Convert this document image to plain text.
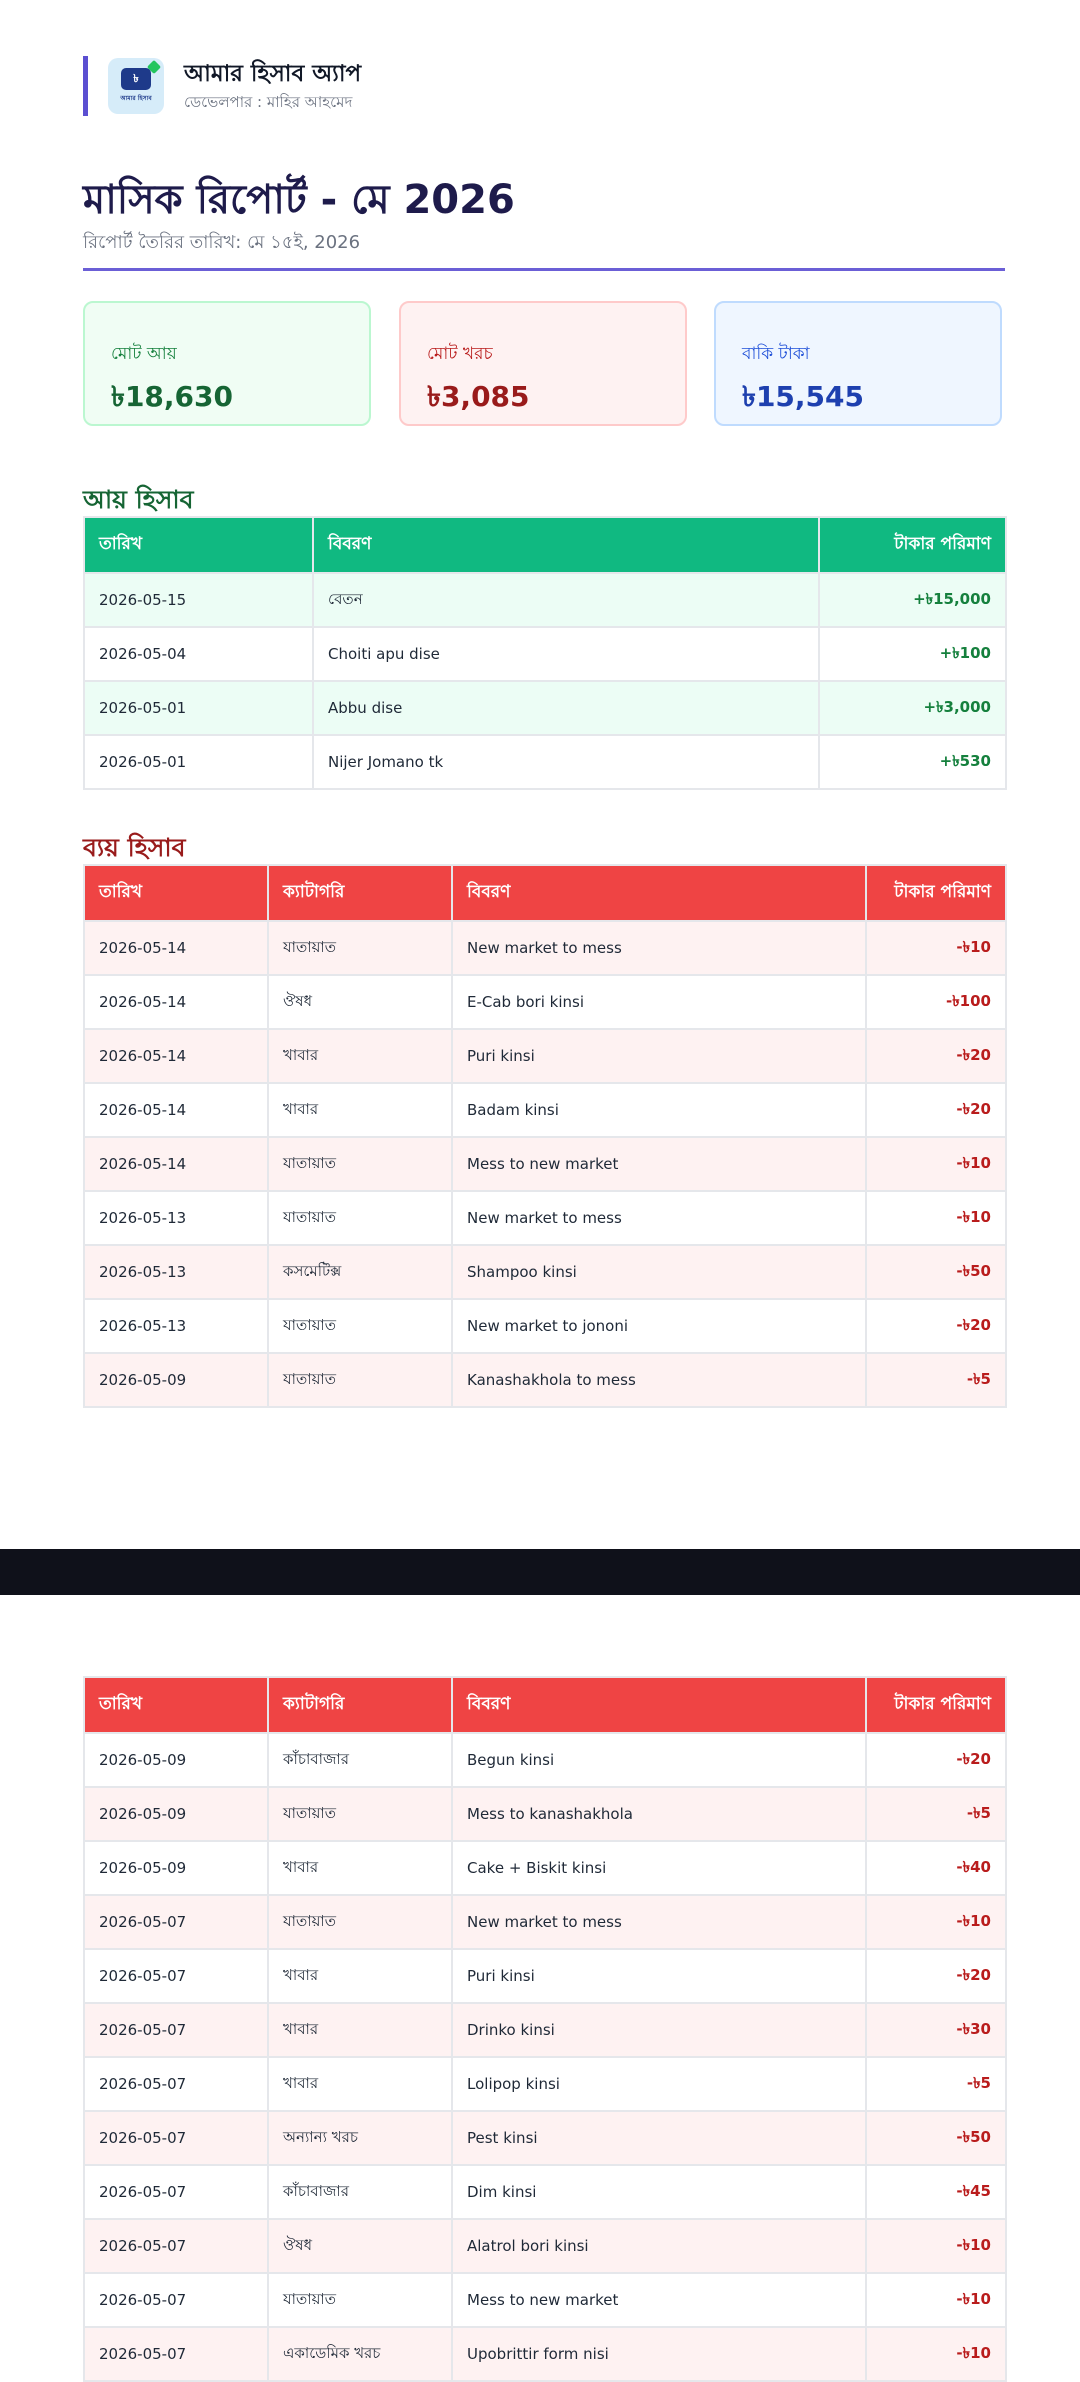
৳
আমার হিসাব
আমার হিসাব অ্যাপ
ডেভেলপার : মাহির আহমেদ
মাসিক রিপোর্ট - মে 2026
রিপোর্ট তৈরির তারিখ: মে ১৫ই, 2026
মোট আয়
৳18,630
মোট খরচ
৳3,085
বাকি টাকা
৳15,545
আয় হিসাব
তারিখ	বিবরণ	টাকার পরিমাণ
2026-05-15	বেতন	+৳15,000
2026-05-04	Choiti apu dise	+৳100
2026-05-01	Abbu dise	+৳3,000
2026-05-01	Nijer Jomano tk	+৳530
ব্যয় হিসাব
তারিখ	ক্যাটাগরি	বিবরণ	টাকার পরিমাণ
2026-05-14	যাতায়াত	New market to mess	-৳10
2026-05-14	ঔষধ	E-Cab bori kinsi	-৳100
2026-05-14	খাবার	Puri kinsi	-৳20
2026-05-14	খাবার	Badam kinsi	-৳20
2026-05-14	যাতায়াত	Mess to new market	-৳10
2026-05-13	যাতায়াত	New market to mess	-৳10
2026-05-13	কসমেটিক্স	Shampoo kinsi	-৳50
2026-05-13	যাতায়াত	New market to jononi	-৳20
2026-05-09	যাতায়াত	Kanashakhola to mess	-৳5
তারিখ	ক্যাটাগরি	বিবরণ	টাকার পরিমাণ
2026-05-09	কাঁচাবাজার	Begun kinsi	-৳20
2026-05-09	যাতায়াত	Mess to kanashakhola	-৳5
2026-05-09	খাবার	Cake + Biskit kinsi	-৳40
2026-05-07	যাতায়াত	New market to mess	-৳10
2026-05-07	খাবার	Puri kinsi	-৳20
2026-05-07	খাবার	Drinko kinsi	-৳30
2026-05-07	খাবার	Lolipop kinsi	-৳5
2026-05-07	অন্যান্য খরচ	Pest kinsi	-৳50
2026-05-07	কাঁচাবাজার	Dim kinsi	-৳45
2026-05-07	ঔষধ	Alatrol bori kinsi	-৳10
2026-05-07	যাতায়াত	Mess to new market	-৳10
2026-05-07	একাডেমিক খরচ	Upobrittir form nisi	-৳10
